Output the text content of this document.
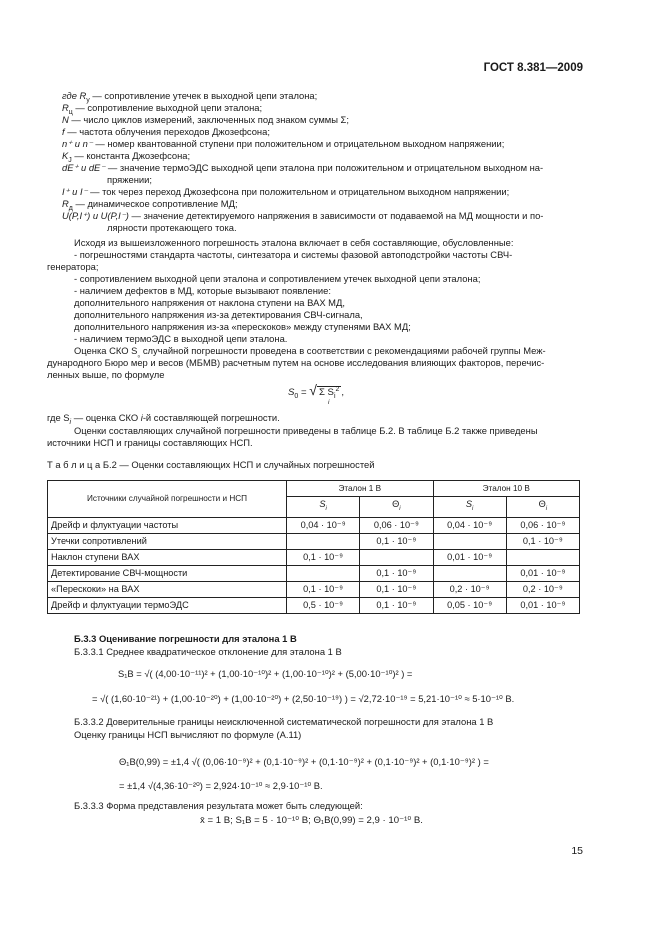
ГОСТ 8.381—2009
где $R_у$ — сопротивление утечек в выходной цепи эталона;
$R_ц$ — сопротивление выходной цепи эталона;
N — число циклов измерений, заключенных под знаком суммы Σ;
f — частота облучения переходов Джозефсона;
n⁺ и n⁻ — номер квантованной ступени при положительном и отрицательном выходном напряжении;
$K_J$ — константа Джозефсона;
dE⁺ и dE⁻ — значение термоЭДС выходной цепи эталона при положительном и отрицательном выходном на-
пряжении;
I⁺ и I⁻ — ток через переход Джозефсона при положительном и отрицательном выходном напряжении;
$R_д$ — динамическое сопротивление МД;
U(P,I⁺) и U(P,I⁻) — значение детектируемого напряжения в зависимости от подаваемой на МД мощности и по-
лярности протекающего тока.
Исходя из вышеизложенного погрешность эталона включает в себя составляющие, обусловленные:
- погрешностями стандарта частоты, синтезатора и системы фазовой автоподстройки частоты СВЧ-
генератора;
- сопротивлением выходной цепи эталона и сопротивлением утечек выходной цепи эталона;
- наличием дефектов в МД, которые вызывают появление:
дополнительного напряжения от наклона ступени на ВАХ МД,
дополнительного напряжения из-за детектирования СВЧ-сигнала,
дополнительного напряжения из-за «перескоков» между ступенями ВАХ МД;
- наличием термоЭДС в выходной цепи эталона.
Оценка СКО $S_{_0}$ случайной погрешности проведена в соответствии с рекомендациями рабочей группы Меж-
дународного Бюро мер и весов (МБМВ) расчетным путем на основе исследования влияющих факторов, перечис-
ленных выше, по формуле
$S_0$ = √ Σ $S_i^2$ ,
i
где $S_i$ — оценка СКО i-й составляющей погрешности.
Оценки составляющих случайной погрешности приведены в таблице Б.2. В таблице Б.2 также приведены
источники НСП и границы составляющих НСП.
Т а б л и ц а Б.2 — Оценки составляющих НСП и случайных погрешностей
Источники случайной погрешности и НСП	Эталон 1 В		Эталон 10 В	
	$S_i$	$\Theta_i$	$S_i$	$\Theta_i$
Дрейф и флуктуации частоты	0,04 · 10⁻⁹	0,06 · 10⁻⁹	0,04 · 10⁻⁹	0,06 · 10⁻⁹
Утечки сопротивлений		0,1 · 10⁻⁹		0,1 · 10⁻⁹
Наклон ступени ВАХ	0,1 · 10⁻⁹		0,01 · 10⁻⁹	
Детектирование СВЧ-мощности		0,1 · 10⁻⁹		0,01 · 10⁻⁹
«Перескоки» на ВАХ	0,1 · 10⁻⁹	0,1 · 10⁻⁹	0,2 · 10⁻⁹	0,2 · 10⁻⁹
Дрейф и флуктуации термоЭДС	0,5 · 10⁻⁹	0,1 · 10⁻⁹	0,05 · 10⁻⁹	0,01 · 10⁻⁹
Б.3.3 Оценивание погрешности для эталона 1 В
Б.3.3.1 Среднее квадратическое отклонение для эталона 1 В
S₁В = √( (4,00·10⁻¹¹)² + (1,00·10⁻¹⁰)² + (1,00·10⁻¹⁰)² + (5,00·10⁻¹⁰)² ) =
= √( (1,60·10⁻²¹) + (1,00·10⁻²⁰) + (1,00·10⁻²⁰) + (2,50·10⁻¹⁹) ) = √2,72·10⁻¹⁹ = 5,21·10⁻¹⁰ ≈ 5·10⁻¹⁰ В.
Б.3.3.2 Доверительные границы неисключенной систематической погрешности для эталона 1 В
Оценку границы НСП вычисляют по формуле (А.11)
Θ₁В(0,99) = ±1,4 √( (0,06·10⁻⁹)² + (0,1·10⁻⁹)² + (0,1·10⁻⁹)² + (0,1·10⁻⁹)² + (0,1·10⁻⁹)² ) =
= ±1,4 √(4,36·10⁻²⁰) = 2,924·10⁻¹⁰ ≈ 2,9·10⁻¹⁰ В.
Б.3.3.3 Форма представления результата может быть следующей:
x̄ = 1 В; S₁В = 5 · 10⁻¹⁰ В; Θ₁В(0,99) = 2,9 · 10⁻¹⁰ В.
15
